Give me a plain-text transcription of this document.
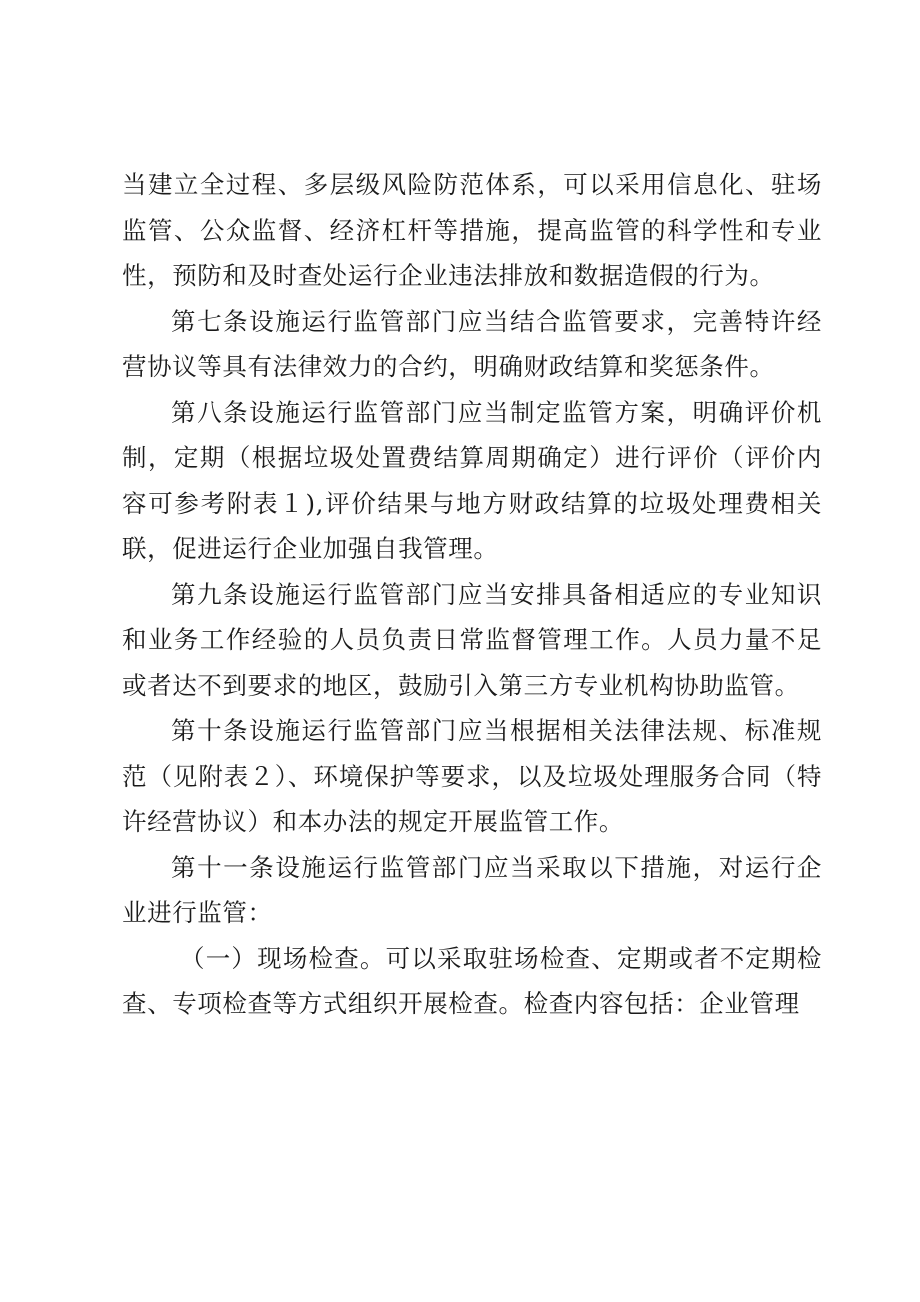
当建立全过程、多层级风险防范体系，可以采用信息化、驻场监管、公众监督、经济杠杆等措施，提高监管的科学性和专业性，预防和及时查处运行企业违法排放和数据造假的行为。

第七条设施运行监管部门应当结合监管要求，完善特许经营协议等具有法律效力的合约，明确财政结算和奖惩条件。

第八条设施运行监管部门应当制定监管方案，明确评价机制，定期（根据垃圾处置费结算周期确定）进行评价（评价内容可参考附表１),评价结果与地方财政结算的垃圾处理费相关联，促进运行企业加强自我管理。

第九条设施运行监管部门应当安排具备相适应的专业知识和业务工作经验的人员负责日常监督管理工作。人员力量不足或者达不到要求的地区，鼓励引入第三方专业机构协助监管。

第十条设施运行监管部门应当根据相关法律法规、标准规范（见附表２）、环境保护等要求，以及垃圾处理服务合同（特许经营协议）和本办法的规定开展监管工作。

第十一条设施运行监管部门应当采取以下措施，对运行企业进行监管：

（一）现场检查。可以采取驻场检查、定期或者不定期检查、专项检查等方式组织开展检查。检查内容包括：企业管理
